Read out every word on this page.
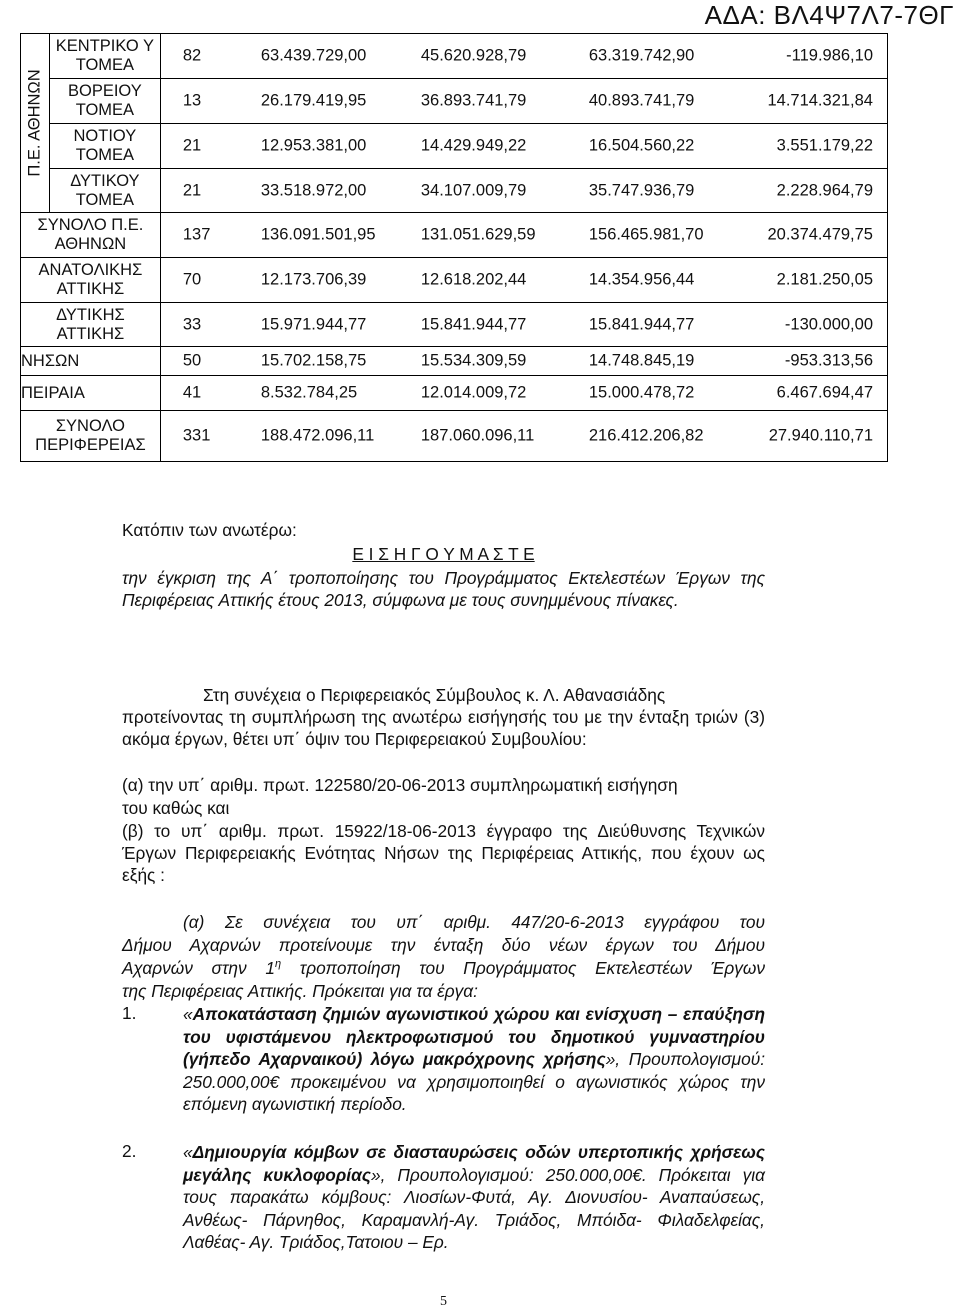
ΑΔΑ: ΒΛ4Ψ7Λ7-7ΘΓ
Π.Ε. ΑΘΗΝΩΝ	ΚΕΝΤΡΙΚΟ Υ ΤΟΜΕΑ	82 63.439.729,00 45.620.928,79 63.319.742,90 -119.986,10

	ΒΟΡΕΙΟΥ ΤΟΜΕΑ	13 26.179.419,95 36.893.741,79 40.893.741,79 14.714.321,84

	ΝΟΤΙΟΥ ΤΟΜΕΑ	21 12.953.381,00 14.429.949,22 16.504.560,22 3.551.179,22

	ΔΥΤΙΚΟΥ ΤΟΜΕΑ	21 33.518.972,00 34.107.009,79 35.747.936,79 2.228.964,79

ΣΥΝΟΛΟ Π.Ε. ΑΘΗΝΩΝ		137 136.091.501,95 131.051.629,59 156.465.981,70 20.374.479,75

ΑΝΑΤΟΛΙΚΗΣ ΑΤΤΙΚΗΣ		70 12.173.706,39 12.618.202,44 14.354.956,44 2.181.250,05

ΔΥΤΙΚΗΣ ΑΤΤΙΚΗΣ		33 15.971.944,77 15.841.944,77 15.841.944,77 -130.000,00

ΝΗΣΩΝ		50 15.702.158,75 15.534.309,59 14.748.845,19 -953.313,56

ΠΕΙΡΑΙΑ		41 8.532.784,25 12.014.009,72 15.000.478,72 6.467.694,47

ΣΥΝΟΛΟ ΠΕΡΙΦΕΡΕΙΑΣ		331 188.472.096,11 187.060.096,11 216.412.206,82 27.940.110,71
Κατόπιν των ανωτέρω:
Ε Ι Σ Η Γ Ο Υ Μ Α Σ Τ Ε
την έγκριση της Α΄ τροποποίησης του Προγράμματος Εκτελεστέων Έργων της Περιφέρειας Αττικής έτους 2013, σύμφωνα με τους συνημμένους πίνακες.
Στη συνέχεια ο Περιφερειακός Σύμβουλος κ. Λ. Αθανασιάδης
προτείνοντας τη συμπλήρωση της ανωτέρω εισήγησής του με την ένταξη τριών (3) ακόμα έργων, θέτει υπ΄ όψιν του Περιφερειακού Συμβουλίου:
(α) την υπ΄ αριθμ. πρωτ. 122580/20-06-2013 συμπληρωματική εισήγηση
του καθώς και
(β) το υπ΄ αριθμ. πρωτ. 15922/18-06-2013 έγγραφο της Διεύθυνσης Τεχνικών Έργων Περιφερειακής Ενότητας Νήσων της Περιφέρειας Αττικής, που έχουν ως εξής :
(α) Σε συνέχεια του υπ΄ αριθμ. 447/20-6-2013 εγγράφου του
Δήμου Αχαρνών προτείνουμε την ένταξη δύο νέων έργων του Δήμου
Αχαρνών στην $1^\eta$ τροποποίηση του Προγράμματος Εκτελεστέων Έργων
της Περιφέρειας Αττικής. Πρόκειται για τα έργα:
1.	«Αποκατάσταση ζημιών αγωνιστικού χώρου και ενίσχυση – επαύξηση του υφιστάμενου ηλεκτροφωτισμού του δημοτικού γυμναστηρίου (γήπεδο Αχαρναικού) λόγω μακρόχρονης χρήσης», Προυπολογισμού: 250.000,00€ προκειμένου να χρησιμοποιηθεί ο αγωνιστικός χώρος την επόμενη αγωνιστική περίοδο.
2.	«Δημιουργία κόμβων σε διασταυρώσεις οδών υπερτοπικής χρήσεως μεγάλης κυκλοφορίας», Προυπολογισμού: 250.000,00€. Πρόκειται για τους παρακάτω κόμβους: Λιοσίων-Φυτά, Αγ. Διονυσίου- Αναπαύσεως, Ανθέως- Πάρνηθος, Καραμανλή-Αγ. Τριάδος, Μπόιδα- Φιλαδελφείας, Λαθέας- Αγ. Τριάδος,Τατοιου – Ερ.
5
